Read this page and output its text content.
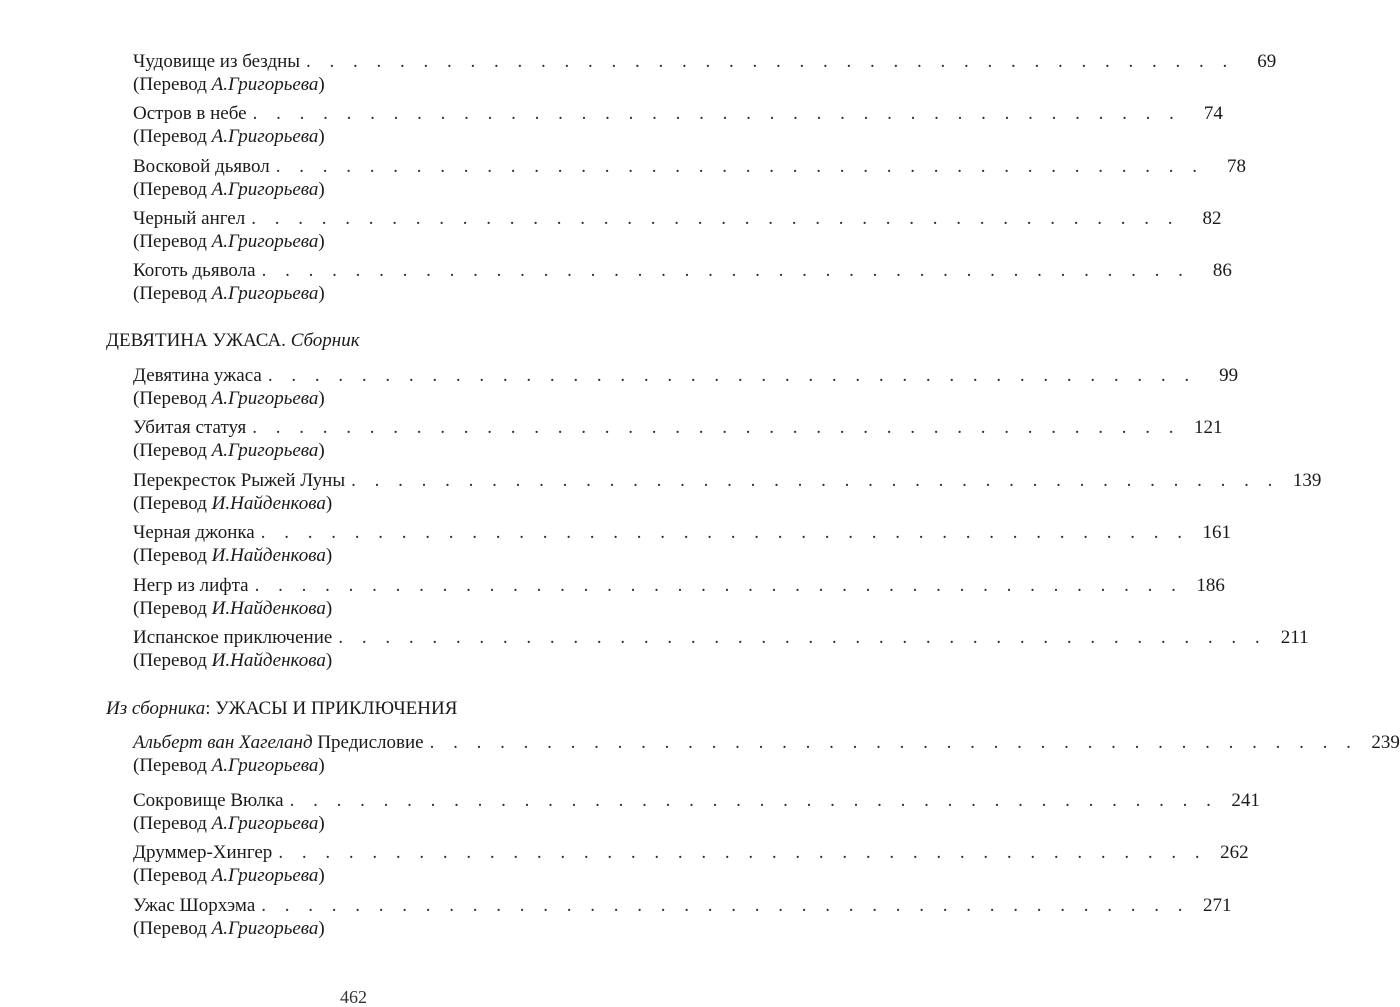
Чудовище из бездны . . . . . . . . . . . . . . . . . . . . . . . . . . . . . . . . . . . . . . . .	69
(Перевод А.Григорьева)
Остров в небе . . . . . . . . . . . . . . . . . . . . . . . . . . . . . . . . . . . . . . . .	74
(Перевод А.Григорьева)
Восковой дьявол . . . . . . . . . . . . . . . . . . . . . . . . . . . . . . . . . . . . . . . .	78
(Перевод А.Григорьева)
Черный ангел . . . . . . . . . . . . . . . . . . . . . . . . . . . . . . . . . . . . . . . .	82
(Перевод А.Григорьева)
Коготь дьявола . . . . . . . . . . . . . . . . . . . . . . . . . . . . . . . . . . . . . . . .	86
(Перевод А.Григорьева)
ДЕВЯТИНА УЖАСА. Сборник
Девятина ужаса . . . . . . . . . . . . . . . . . . . . . . . . . . . . . . . . . . . . . . . .	99
(Перевод А.Григорьева)
Убитая статуя . . . . . . . . . . . . . . . . . . . . . . . . . . . . . . . . . . . . . . . . 121
(Перевод А.Григорьева)
Перекресток Рыжей Луны . . . . . . . . . . . . . . . . . . . . . . . . . . . . . . . . . . . . . . . . 139
(Перевод И.Найденкова)
Черная джонка . . . . . . . . . . . . . . . . . . . . . . . . . . . . . . . . . . . . . . . . 161
(Перевод И.Найденкова)
Негр из лифта . . . . . . . . . . . . . . . . . . . . . . . . . . . . . . . . . . . . . . . . 186
(Перевод И.Найденкова)
Испанское приключение . . . . . . . . . . . . . . . . . . . . . . . . . . . . . . . . . . . . . . . . 211
(Перевод И.Найденкова)
Из сборника: УЖАСЫ И ПРИКЛЮЧЕНИЯ
Альберт ван Хагеланд Предисловие . . . . . . . . . . . . . . . . . . . . . . . . . . . . . . . . . . . . . . . . 239
(Перевод А.Григорьева)
Сокровище Вюлка . . . . . . . . . . . . . . . . . . . . . . . . . . . . . . . . . . . . . . . . 241
(Перевод А.Григорьева)
Друммер-Хингер . . . . . . . . . . . . . . . . . . . . . . . . . . . . . . . . . . . . . . . . 262
(Перевод А.Григорьева)
Ужас Шорхэма . . . . . . . . . . . . . . . . . . . . . . . . . . . . . . . . . . . . . . . . 271
(Перевод А.Григорьева)
462
